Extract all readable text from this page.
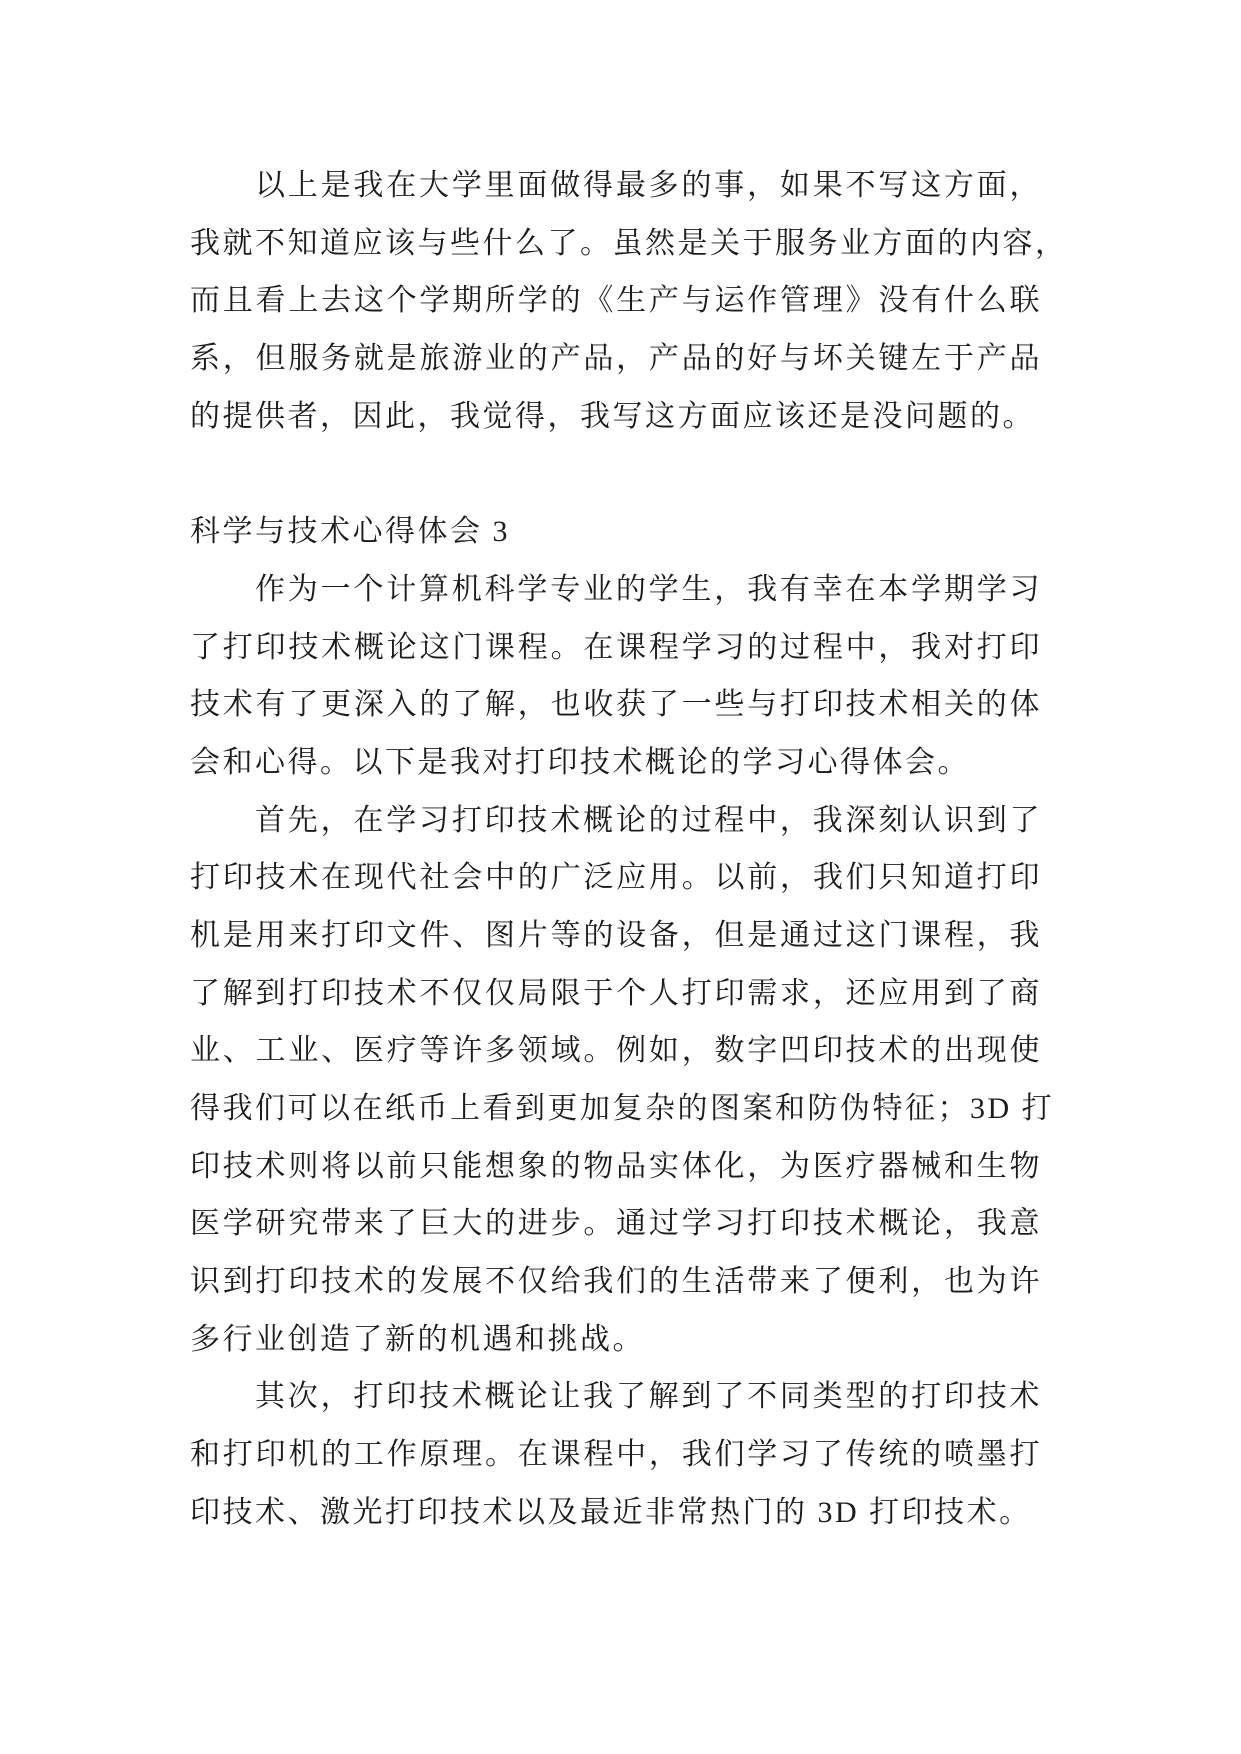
以上是我在大学里面做得最多的事，如果不写这方面，
我就不知道应该与些什么了。虽然是关于服务业方面的内容，
而且看上去这个学期所学的《生产与运作管理》没有什么联
系，但服务就是旅游业的产品，产品的好与坏关键左于产品
的提供者，因此，我觉得，我写这方面应该还是没问题的。
科学与技术心得体会 3
作为一个计算机科学专业的学生，我有幸在本学期学习
了打印技术概论这门课程。在课程学习的过程中，我对打印
技术有了更深入的了解，也收获了一些与打印技术相关的体
会和心得。以下是我对打印技术概论的学习心得体会。
首先，在学习打印技术概论的过程中，我深刻认识到了
打印技术在现代社会中的广泛应用。以前，我们只知道打印
机是用来打印文件、图片等的设备，但是通过这门课程，我
了解到打印技术不仅仅局限于个人打印需求，还应用到了商
业、工业、医疗等许多领域。例如，数字凹印技术的出现使
得我们可以在纸币上看到更加复杂的图案和防伪特征；3D 打
印技术则将以前只能想象的物品实体化，为医疗器械和生物
医学研究带来了巨大的进步。通过学习打印技术概论，我意
识到打印技术的发展不仅给我们的生活带来了便利，也为许
多行业创造了新的机遇和挑战。
其次，打印技术概论让我了解到了不同类型的打印技术
和打印机的工作原理。在课程中，我们学习了传统的喷墨打
印技术、激光打印技术以及最近非常热门的 3D 打印技术。
